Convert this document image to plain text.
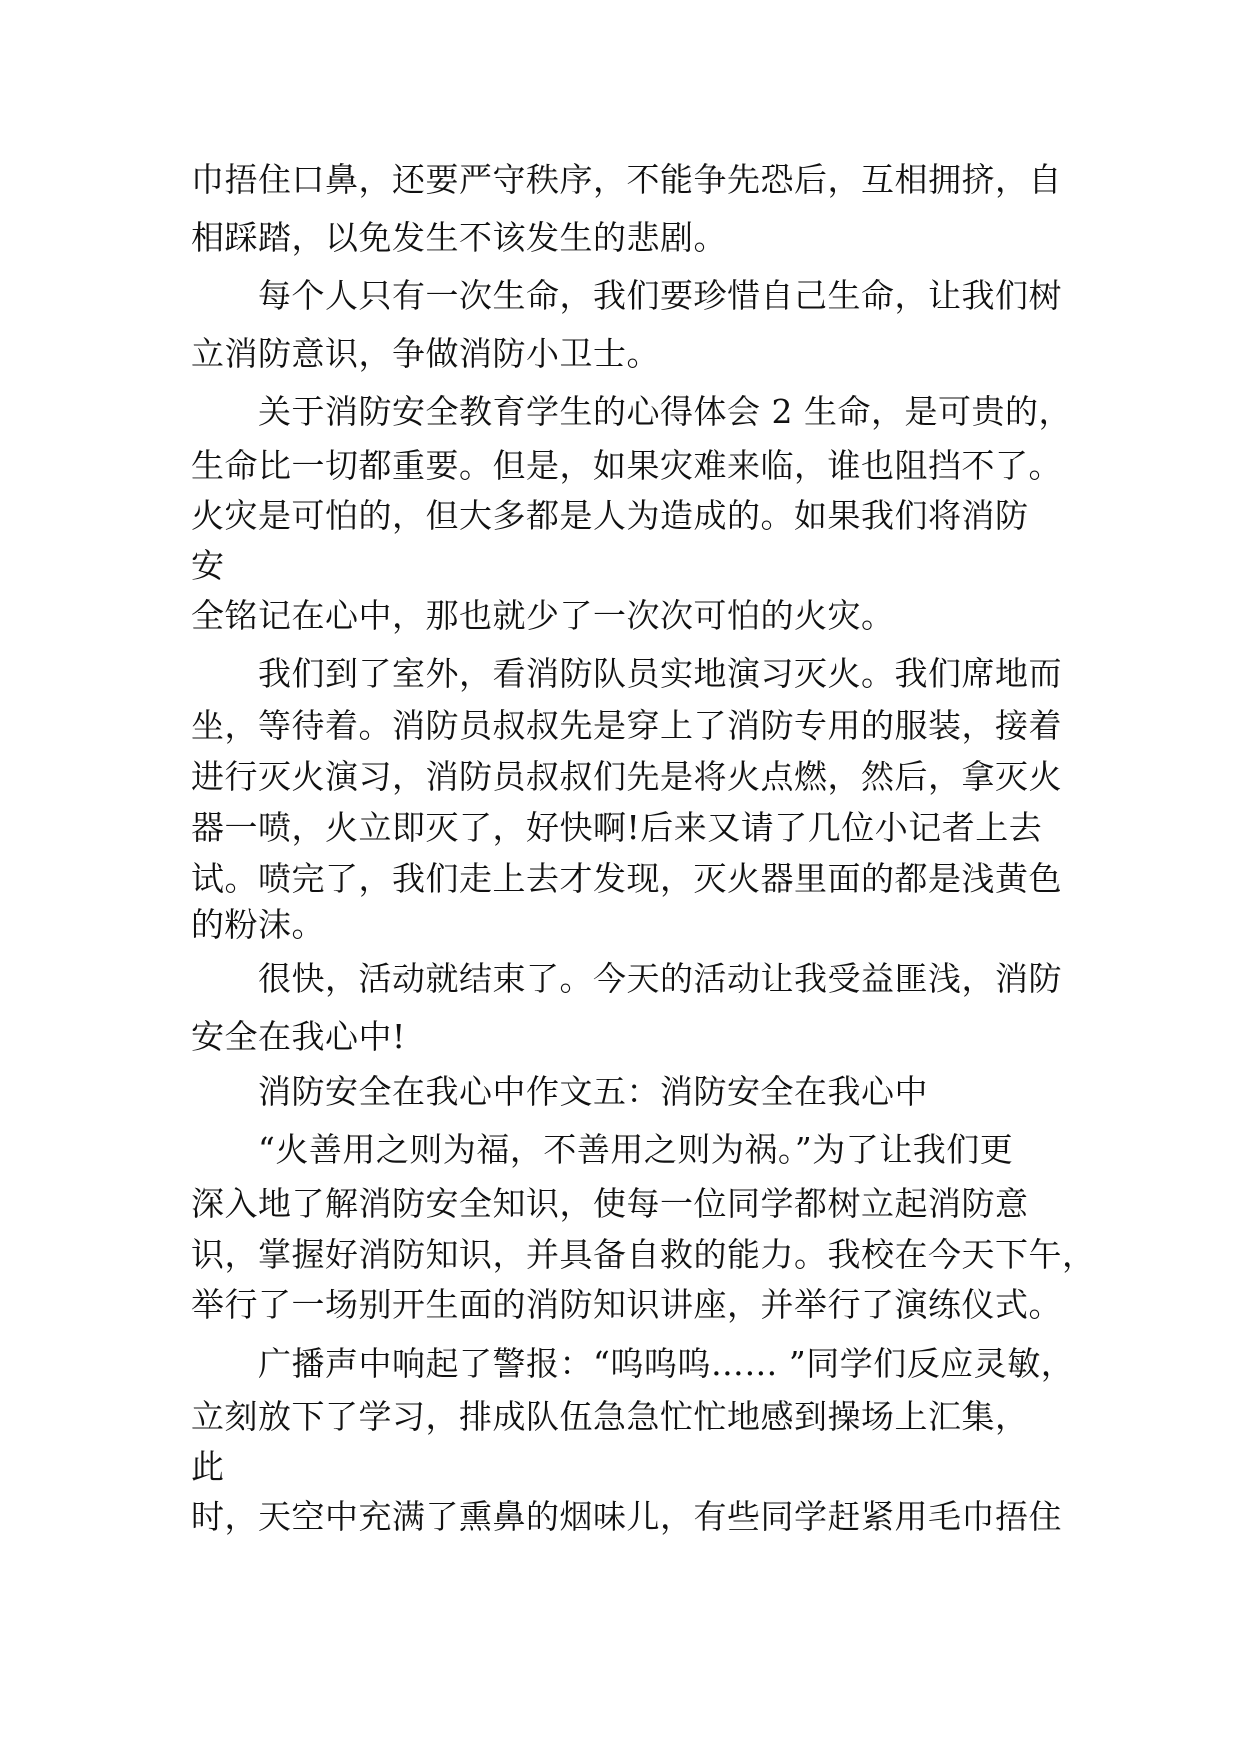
巾捂住口鼻，还要严守秩序，不能争先恐后，互相拥挤，自
相踩踏，以免发生不该发生的悲剧。
　　每个人只有一次生命，我们要珍惜自己生命，让我们树
立消防意识，争做消防小卫士。
　　关于消防安全教育学生的心得体会 2 生命，是可贵的，
生命比一切都重要。但是，如果灾难来临，谁也阻挡不了。
火灾是可怕的，但大多都是人为造成的。如果我们将消防
安
全铭记在心中，那也就少了一次次可怕的火灾。
　　我们到了室外，看消防队员实地演习灭火。我们席地而
坐，等待着。消防员叔叔先是穿上了消防专用的服装，接着
进行灭火演习，消防员叔叔们先是将火点燃，然后，拿灭火
器一喷，火立即灭了，好快啊!后来又请了几位小记者上去
试。喷完了，我们走上去才发现，灭火器里面的都是浅黄色
的粉沫。
　　很快，活动就结束了。今天的活动让我受益匪浅，消防
安全在我心中!
　　消防安全在我心中作文五：消防安全在我心中
　　“火善用之则为福，不善用之则为祸。”为了让我们更
深入地了解消防安全知识，使每一位同学都树立起消防意
识，掌握好消防知识，并具备自救的能力。我校在今天下午，
举行了一场别开生面的消防知识讲座，并举行了演练仪式。
　　广播声中响起了警报：“呜呜呜…… ”同学们反应灵敏，
立刻放下了学习，排成队伍急急忙忙地感到操场上汇集，
此
时，天空中充满了熏鼻的烟味儿，有些同学赶紧用毛巾捂住
